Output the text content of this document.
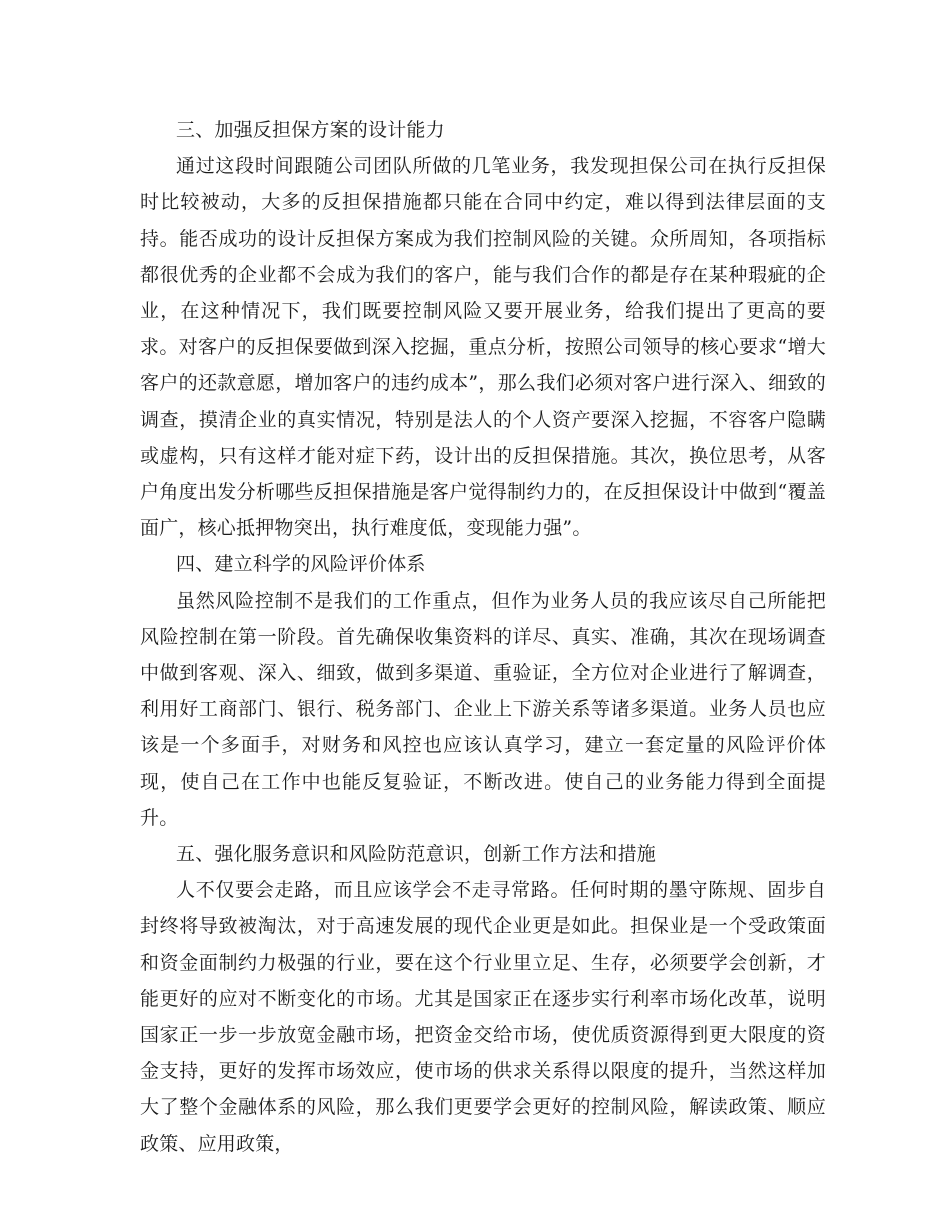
三、加强反担保方案的设计能力

通过这段时间跟随公司团队所做的几笔业务，我发现担保公司在执行反担保时比较被动，大多的反担保措施都只能在合同中约定，难以得到法律层面的支持。能否成功的设计反担保方案成为我们控制风险的关键。众所周知，各项指标都很优秀的企业都不会成为我们的客户，能与我们合作的都是存在某种瑕疵的企业，在这种情况下，我们既要控制风险又要开展业务，给我们提出了更高的要求。对客户的反担保要做到深入挖掘，重点分析，按照公司领导的核心要求“增大客户的还款意愿，增加客户的违约成本”，那么我们必须对客户进行深入、细致的调查，摸清企业的真实情况，特别是法人的个人资产要深入挖掘，不容客户隐瞒或虚构，只有这样才能对症下药，设计出的反担保措施。其次，换位思考，从客户角度出发分析哪些反担保措施是客户觉得制约力的，在反担保设计中做到“覆盖面广，核心抵押物突出，执行难度低，变现能力强”。

四、建立科学的风险评价体系

虽然风险控制不是我们的工作重点，但作为业务人员的我应该尽自己所能把风险控制在第一阶段。首先确保收集资料的详尽、真实、准确，其次在现场调查中做到客观、深入、细致，做到多渠道、重验证，全方位对企业进行了解调查，利用好工商部门、银行、税务部门、企业上下游关系等诸多渠道。业务人员也应该是一个多面手，对财务和风控也应该认真学习，建立一套定量的风险评价体现，使自己在工作中也能反复验证，不断改进。使自己的业务能力得到全面提升。

五、强化服务意识和风险防范意识，创新工作方法和措施

人不仅要会走路，而且应该学会不走寻常路。任何时期的墨守陈规、固步自封终将导致被淘汰，对于高速发展的现代企业更是如此。担保业是一个受政策面和资金面制约力极强的行业，要在这个行业里立足、生存，必须要学会创新，才能更好的应对不断变化的市场。尤其是国家正在逐步实行利率市场化改革，说明国家正一步一步放宽金融市场，把资金交给市场，使优质资源得到更大限度的资金支持，更好的发挥市场效应，使市场的供求关系得以限度的提升，当然这样加大了整个金融体系的风险，那么我们更要学会更好的控制风险，解读政策、顺应政策、应用政策，
